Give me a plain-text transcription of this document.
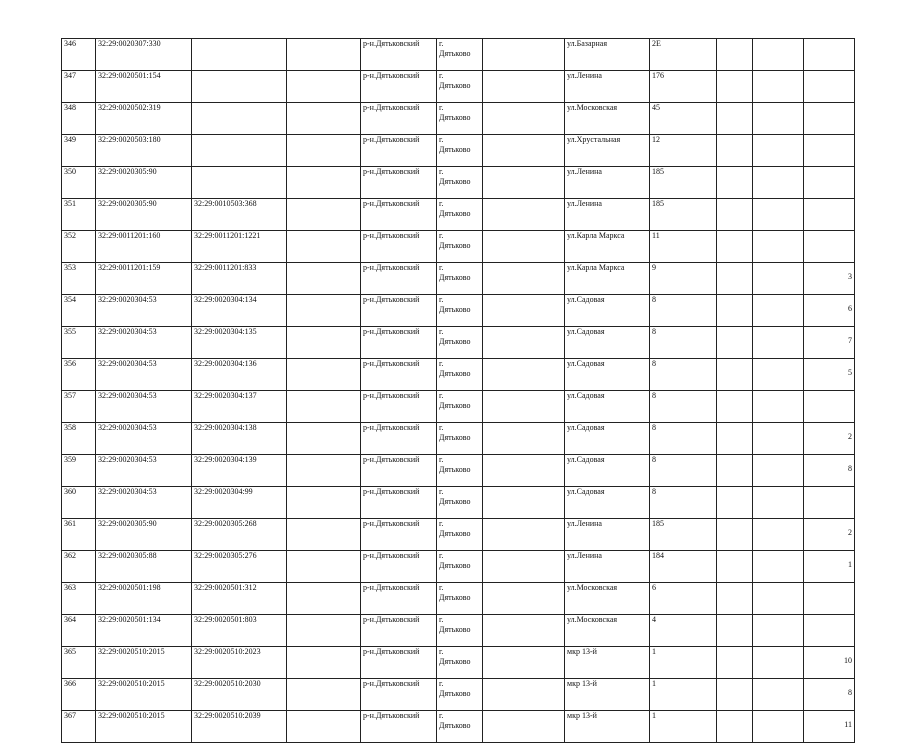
346	32:29:0020307:330			р-н.Дятьковский	г.
Дятьково		ул.Базарная	2Е			
347	32:29:0020501:154			р-н.Дятьковский	г.
Дятьково		ул.Ленина	176			
348	32:29:0020502:319			р-н.Дятьковский	г.
Дятьково		ул.Московская	45			
349	32:29:0020503:180			р-н.Дятьковский	г.
Дятьково		ул.Хрустальная	12			
350	32:29:0020305:90			р-н.Дятьковский	г.
Дятьково		ул.Ленина	185			
351	32:29:0020305:90	32:29:0010503:368		р-н.Дятьковский	г.
Дятьково		ул.Ленина	185			
352	32:29:0011201:160	32:29:0011201:1221		р-н.Дятьковский	г.
Дятьково		ул.Карла Маркса	11			
353	32:29:0011201:159	32:29:0011201:833		р-н.Дятьковский	г.
Дятьково		ул.Карла Маркса	9			3
354	32:29:0020304:53	32:29:0020304:134		р-н.Дятьковский	г.
Дятьково		ул.Садовая	8			6
355	32:29:0020304:53	32:29:0020304:135		р-н.Дятьковский	г.
Дятьково		ул.Садовая	8			7
356	32:29:0020304:53	32:29:0020304:136		р-н.Дятьковский	г.
Дятьково		ул.Садовая	8			5
357	32:29:0020304:53	32:29:0020304:137		р-н.Дятьковский	г.
Дятьково		ул.Садовая	8			
358	32:29:0020304:53	32:29:0020304:138		р-н.Дятьковский	г.
Дятьково		ул.Садовая	8			2
359	32:29:0020304:53	32:29:0020304:139		р-н.Дятьковский	г.
Дятьково		ул.Садовая	8			8
360	32:29:0020304:53	32:29:0020304:99		р-н.Дятьковский	г.
Дятьково		ул.Садовая	8			
361	32:29:0020305:90	32:29:0020305:268		р-н.Дятьковский	г.
Дятьково		ул.Ленина	185			2
362	32:29:0020305:88	32:29:0020305:276		р-н.Дятьковский	г.
Дятьково		ул.Ленина	184			1
363	32:29:0020501:198	32:29:0020501:312		р-н.Дятьковский	г.
Дятьково		ул.Московская	6			
364	32:29:0020501:134	32:29:0020501:803		р-н.Дятьковский	г.
Дятьково		ул.Московская	4			
365	32:29:0020510:2015	32:29:0020510:2023		р-н.Дятьковский	г.
Дятьково		мкр 13-й	1			10
366	32:29:0020510:2015	32:29:0020510:2030		р-н.Дятьковский	г.
Дятьково		мкр 13-й	1			8
367	32:29:0020510:2015	32:29:0020510:2039		р-н.Дятьковский	г.
Дятьково		мкр 13-й	1			11
